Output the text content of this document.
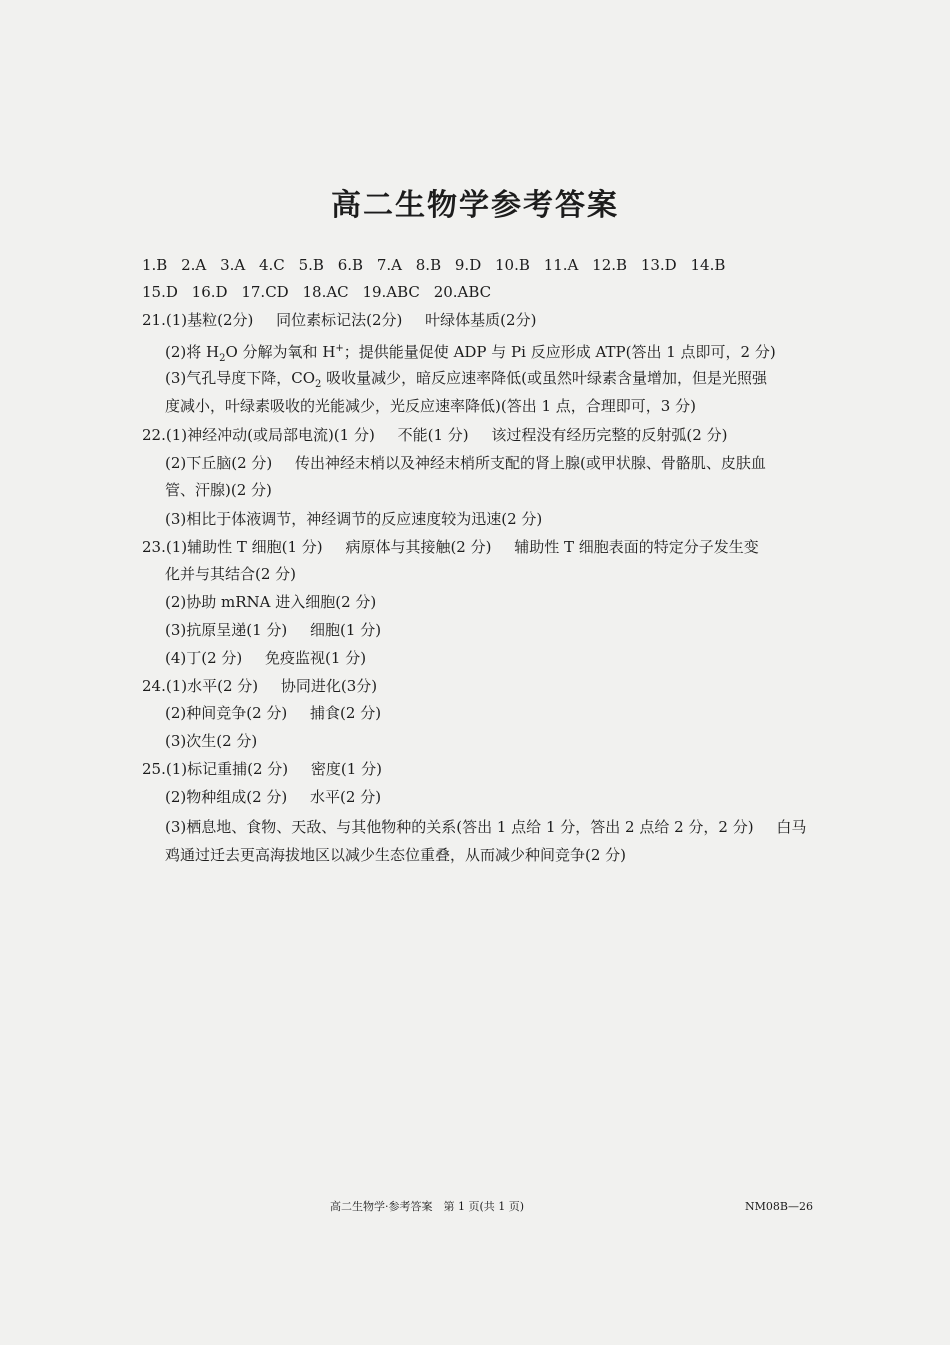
高二生物学参考答案
1.B 2.A 3.A 4.C 5.B 6.B 7.A 8.B 9.D 10.B 11.A 12.B 13.D 14.B
15.D 16.D 17.CD 18.AC 19.ABC 20.ABC
21.(1)基粒(2分) 同位素标记法(2分) 叶绿体基质(2分)
(2)将 $H_2O$ 分解为氧和 H+；提供能量促使 ADP 与 Pi 反应形成 ATP(答出 1 点即可，2 分)
(3)气孔导度下降，$CO_2$ 吸收量减少，暗反应速率降低(或虽然叶绿素含量增加，但是光照强
度减小，叶绿素吸收的光能减少，光反应速率降低)(答出 1 点，合理即可，3 分)
22.(1)神经冲动(或局部电流)(1 分) 不能(1 分) 该过程没有经历完整的反射弧(2 分)
(2)下丘脑(2 分) 传出神经末梢以及神经末梢所支配的肾上腺(或甲状腺、骨骼肌、皮肤血
管、汗腺)(2 分)
(3)相比于体液调节，神经调节的反应速度较为迅速(2 分)
23.(1)辅助性 T 细胞(1 分) 病原体与其接触(2 分) 辅助性 T 细胞表面的特定分子发生变
化并与其结合(2 分)
(2)协助 mRNA 进入细胞(2 分)
(3)抗原呈递(1 分) 细胞(1 分)
(4)丁(2 分) 免疫监视(1 分)
24.(1)水平(2 分) 协同进化(3分)
(2)种间竞争(2 分) 捕食(2 分)
(3)次生(2 分)
25.(1)标记重捕(2 分) 密度(1 分)
(2)物种组成(2 分) 水平(2 分)
(3)栖息地、食物、天敌、与其他物种的关系(答出 1 点给 1 分，答出 2 点给 2 分，2 分) 白马
鸡通过迁去更高海拔地区以减少生态位重叠，从而减少种间竞争(2 分)
高二生物学·参考答案　第 1 页(共 1 页)	NM08B—26
